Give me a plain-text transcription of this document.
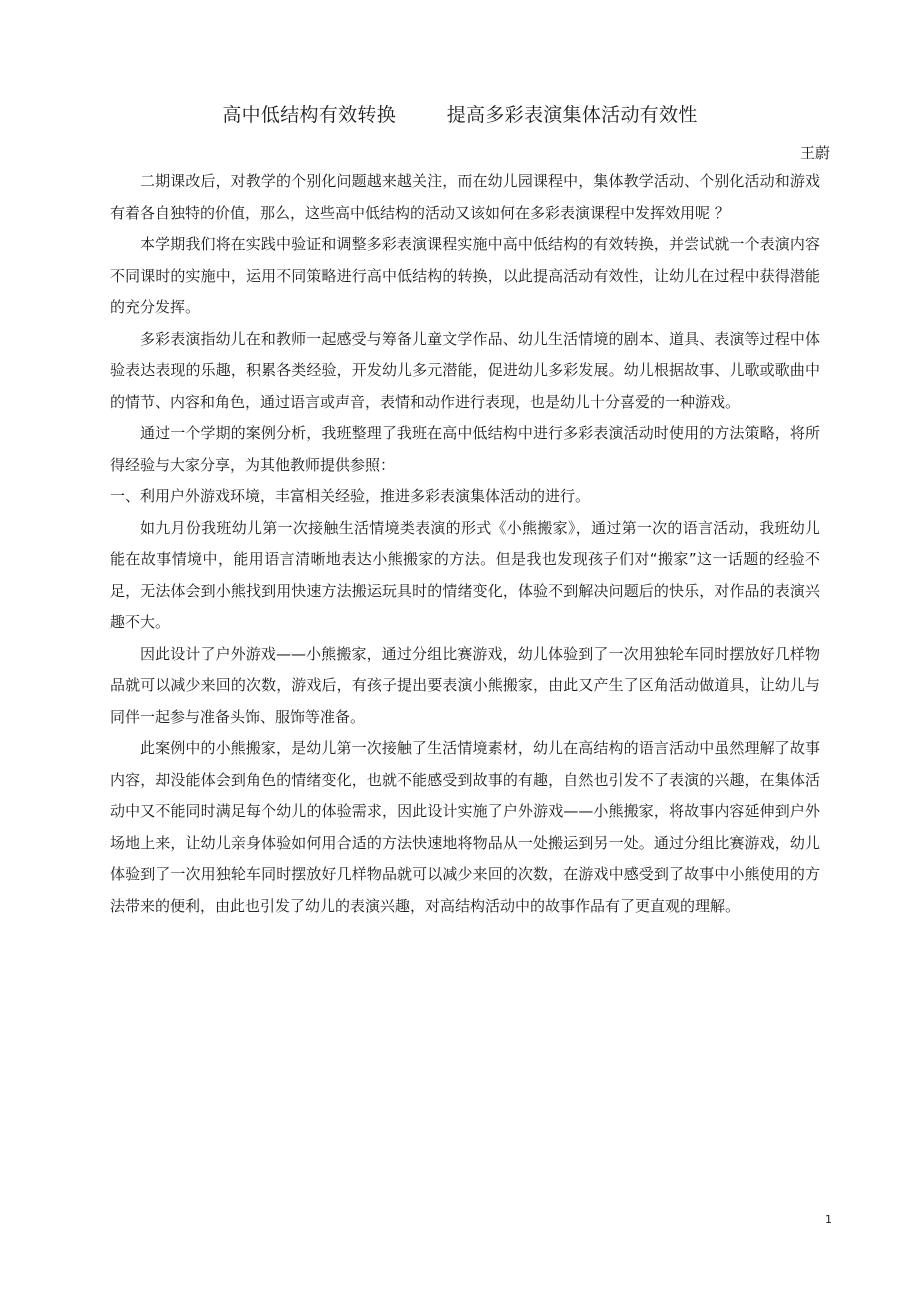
高中低结构有效转换        提高多彩表演集体活动有效性
王蔚

二期课改后，对教学的个别化问题越来越关注，而在幼儿园课程中，集体教学活动、个别化活动和游戏有着各自独特的价值，那么，这些高中低结构的活动又该如何在多彩表演课程中发挥效用呢 ？

本学期我们将在实践中验证和调整多彩表演课程实施中高中低结构的有效转换，并尝试就一个表演内容不同课时的实施中，运用不同策略进行高中低结构的转换，以此提高活动有效性，让幼儿在过程中获得潜能的充分发挥。

多彩表演指幼儿在和教师一起感受与筹备儿童文学作品、幼儿生活情境的剧本、道具、表演等过程中体验表达表现的乐趣，积累各类经验，开发幼儿多元潜能，促进幼儿多彩发展。幼儿根据故事、儿歌或歌曲中的情节、内容和角色，通过语言或声音，表情和动作进行表现，也是幼儿十分喜爱的一种游戏。

通过一个学期的案例分析，我班整理了我班在高中低结构中进行多彩表演活动时使用的方法策略，将所得经验与大家分享，为其他教师提供参照：

一、利用户外游戏环境，丰富相关经验，推进多彩表演集体活动的进行。

如九月份我班幼儿第一次接触生活情境类表演的形式《小熊搬家》，通过第一次的语言活动，我班幼儿能在故事情境中，能用语言清晰地表达小熊搬家的方法。但是我也发现孩子们对“搬家”这一话题的经验不足，无法体会到小熊找到用快速方法搬运玩具时的情绪变化，体验不到解决问题后的快乐，对作品的表演兴趣不大。

因此设计了户外游戏——小熊搬家，通过分组比赛游戏，幼儿体验到了一次用独轮车同时摆放好几样物品就可以减少来回的次数，游戏后，有孩子提出要表演小熊搬家，由此又产生了区角活动做道具，让幼儿与同伴一起参与准备头饰、服饰等准备。

此案例中的小熊搬家，是幼儿第一次接触了生活情境素材，幼儿在高结构的语言活动中虽然理解了故事内容，却没能体会到角色的情绪变化，也就不能感受到故事的有趣，自然也引发不了表演的兴趣，在集体活动中又不能同时满足每个幼儿的体验需求，因此设计实施了户外游戏——小熊搬家，将故事内容延伸到户外场地上来，让幼儿亲身体验如何用合适的方法快速地将物品从一处搬运到另一处。通过分组比赛游戏，幼儿体验到了一次用独轮车同时摆放好几样物品就可以减少来回的次数，在游戏中感受到了故事中小熊使用的方法带来的便利，由此也引发了幼儿的表演兴趣，对高结构活动中的故事作品有了更直观的理解。

1
